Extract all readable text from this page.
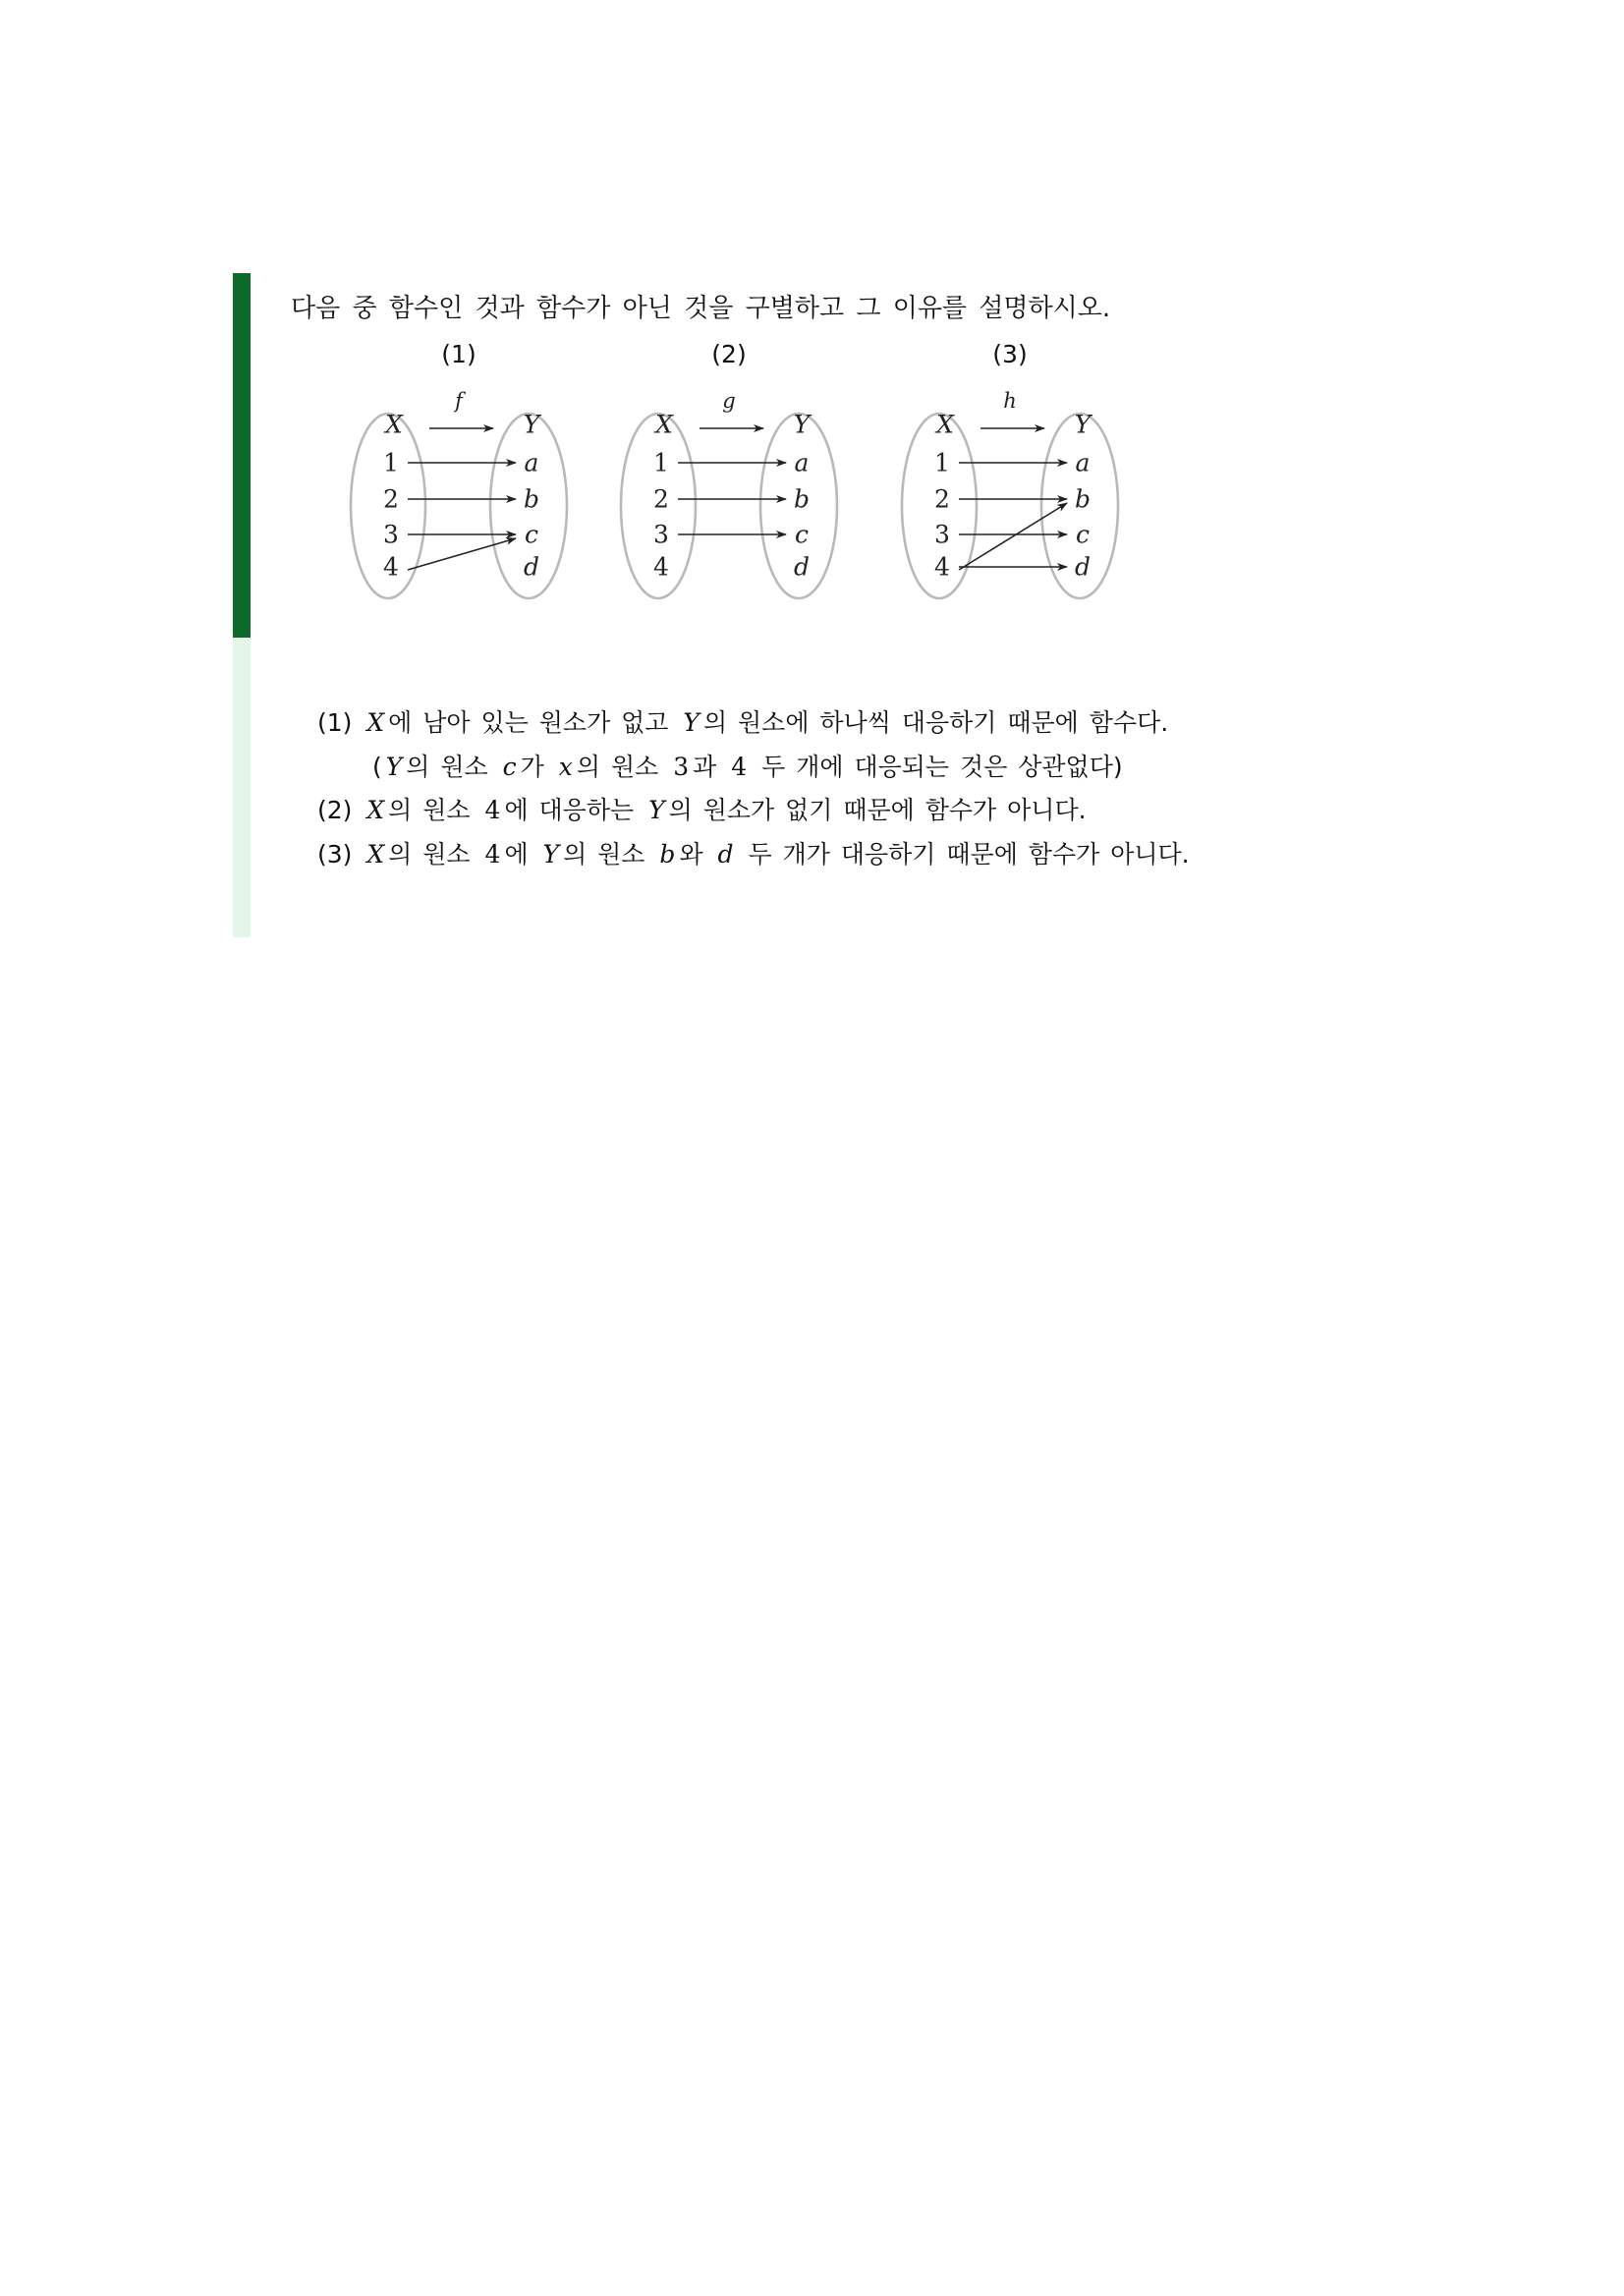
다음 중 함수인 것과 함수가 아닌 것을 구별하고 그 이유를 설명하시오.
(1) X 에 남아 있는 원소가 없고 Y 의 원소에 하나씩 대응하기 때문에 함수다.
( Y 의 원소 c 가 x 의 원소 3 과 4 두 개에 대응되는 것은 상관없다)
(2) X 의 원소 4 에 대응하는 Y 의 원소가 없기 때문에 함수가 아니다.
(3) X 의 원소 4 에 Y 의 원소 b 와 d 두 개가 대응하기 때문에 함수가 아니다.
(1)
X	Y
f
1
2
3
4
a
b
c
d
(2)
X	Y
g
1
2
3
4
a
b
c
d
(3)
X	Y
h
1
2
3
4
a
b
c
d
